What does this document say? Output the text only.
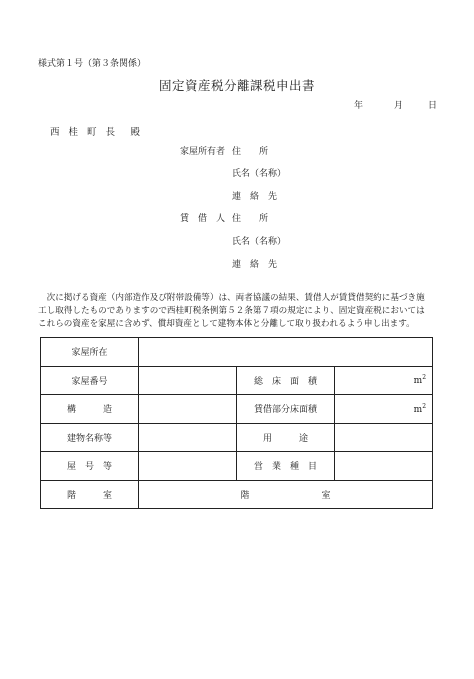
様式第１号（第３条関係）
固定資産税分離課税申出書
年	月	日
西 桂 町 長　殿
家屋所有者 住　　所
氏名（名称）
連　絡　先
賃　借　人 住　　所
氏名（名称）
連　絡　先

次に掲げる資産（内部造作及び附帯設備等）は、両者協議の結果、賃借人が賃貸借契約に基づき施

工し取得したものでありますので西桂町税条例第５２条第７項の規定により、固定資産税においては

これらの資産を家屋に含めず、償却資産として建物本体と分離して取り扱われるよう申し出ます。

家屋所在			
家屋番号		総　床　面　積	$m^2$
構　　　造		賃借部分床面積	$m^2$
建物名称等		用　　　途	
屋　号　等		営　業　種　目	
階　　　室	階　　　　　　　　室		
